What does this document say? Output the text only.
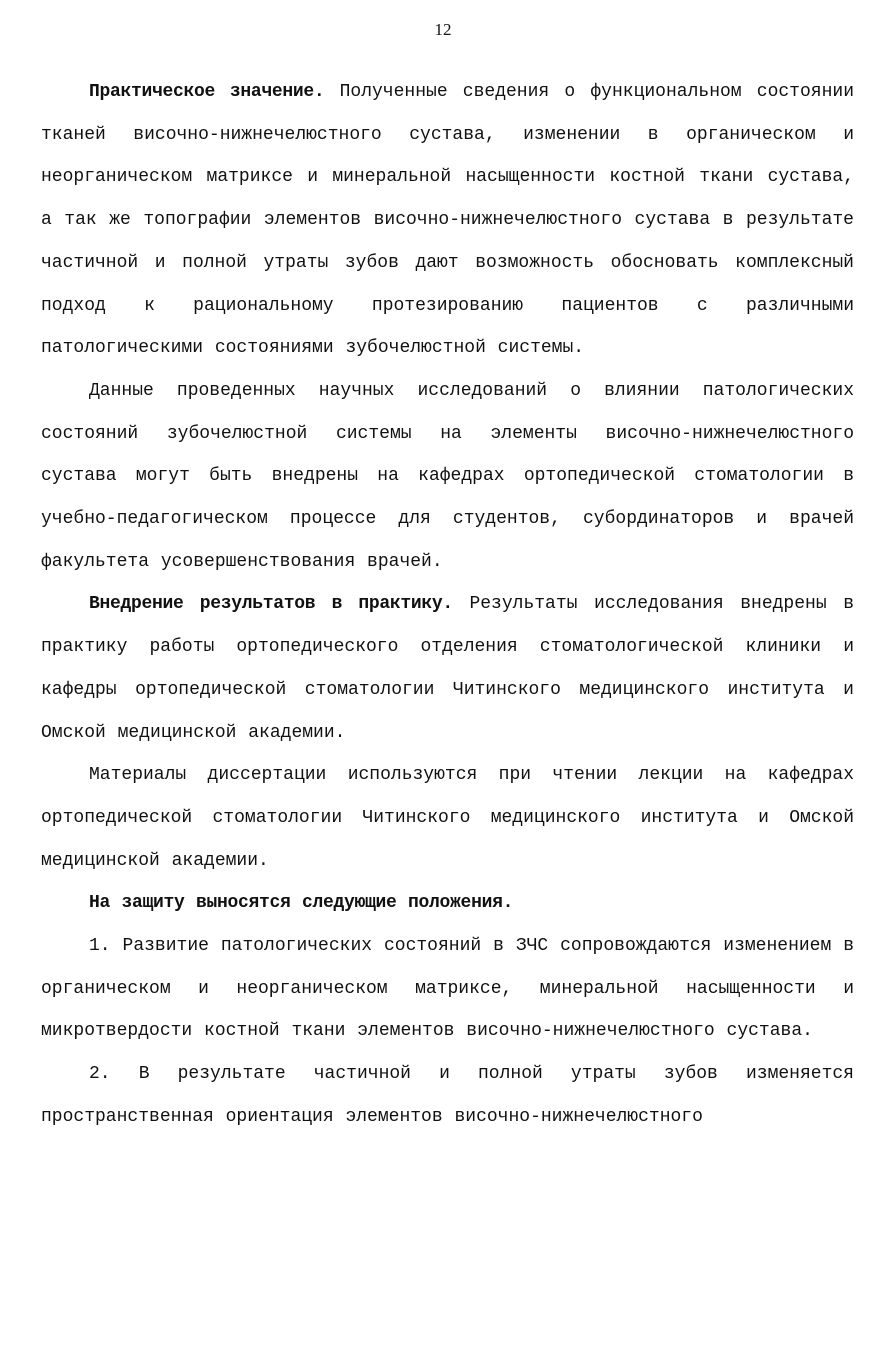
12

Практическое значение. Полученные сведения о функциональном состоянии тканей височно-нижнечелюстного сустава, изменении в органическом и неорганическом матриксе и минеральной насыщенности костной ткани сустава, а так же топографии элементов височно-нижнечелюстного сустава в результате частичной и полной утраты зубов дают возможность обосновать комплексный подход к рациональному протезированию пациентов с различными патологическими состояниями зубочелюстной системы.

Данные проведенных научных исследований о влиянии патологических состояний зубочелюстной системы на элементы височно-нижнечелюстного сустава могут быть внедрены на кафедрах ортопедической стоматологии в учебно-педагогическом процессе для студентов, субординаторов и врачей факультета усовершенствования врачей.

Внедрение результатов в практику. Результаты исследования внедрены в практику работы ортопедического отделения стоматологической клиники и кафедры ортопедической стоматологии Читинского медицинского института и Омской медицинской академии.

Материалы диссертации используются при чтении лекции на кафедрах ортопедической стоматологии Читинского медицинского института и Омской медицинской академии.

На защиту выносятся следующие положения.

1. Развитие патологических состояний в ЗЧС сопровождаются изменением в органическом и неорганическом матриксе, минеральной насыщенности и микротвердости костной ткани элементов височно-нижнечелюстного сустава.

2. В результате частичной и полной утраты зубов изменяется пространственная ориентация элементов височно-нижнечелюстного
